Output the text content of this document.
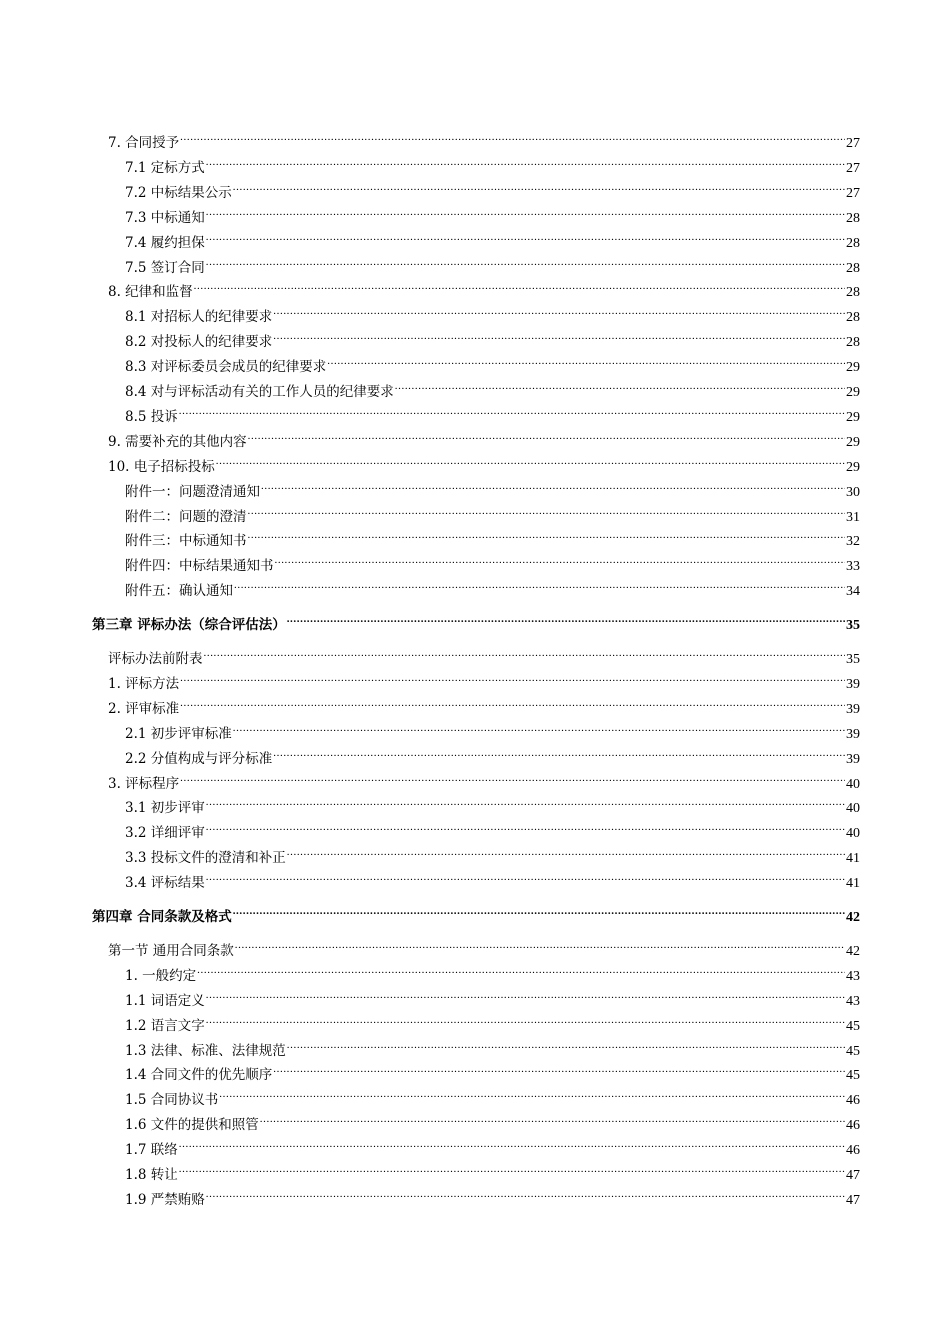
7. 合同授予 .....	27
7.1 定标方式 .....	27
7.2 中标结果公示 .....	27
7.3 中标通知 .....	28
7.4 履约担保 .....	28
7.5 签订合同 .....	28
8. 纪律和监督 .....	28
8.1 对招标人的纪律要求 .....	28
8.2 对投标人的纪律要求 .....	28
8.3 对评标委员会成员的纪律要求 .....	29
8.4 对与评标活动有关的工作人员的纪律要求 .....	29
8.5 投诉 .....	29
9. 需要补充的其他内容 .....	29
10. 电子招标投标 .....	29
附件一：问题澄清通知 .....	30
附件二：问题的澄清 .....	31
附件三：中标通知书 .....	32
附件四：中标结果通知书 .....	33
附件五：确认通知 .....	34
第三章 评标办法（综合评估法） .....	35
评标办法前附表 .....	35
1. 评标方法 .....	39
2. 评审标准 .....	39
2.1 初步评审标准 .....	39
2.2 分值构成与评分标准 .....	39
3. 评标程序 .....	40
3.1 初步评审 .....	40
3.2 详细评审 .....	40
3.3 投标文件的澄清和补正 .....	41
3.4 评标结果 .....	41
第四章 合同条款及格式 .....	42
第一节 通用合同条款 .....	42
1. 一般约定 .....	43
1.1 词语定义 .....	43
1.2 语言文字 .....	45
1.3 法律、标准、法律规范 .....	45
1.4 合同文件的优先顺序 .....	45
1.5 合同协议书 .....	46
1.6 文件的提供和照管 .....	46
1.7 联络 .....	46
1.8 转让 .....	47
1.9 严禁贿赂 .....	47
